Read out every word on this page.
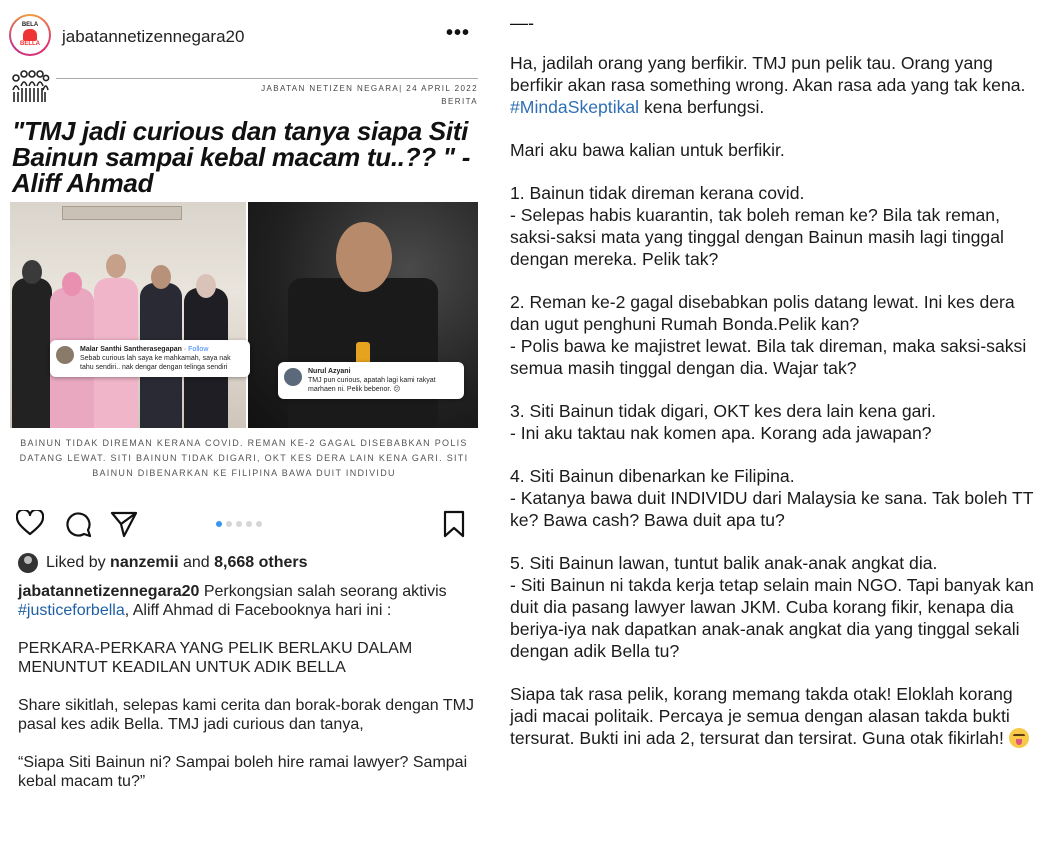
BELA
BELLA jabatannetizennegara20	•••
JABATAN NETIZEN NEGARA| 24 APRIL 2022
BERITA
"TMJ jadi curious dan tanya siapa Siti Bainun sampai kebal macam tu..?? " - Aliff Ahmad
Malar Santhi Santherasegapan · Follow
Sebab curious lah saya ke mahkamah, saya nak tahu sendiri.. nak dengar dengan telinga sendiri
Nurul Azyani
TMJ pun curious, apatah lagi kami rakyat marhaen ni. Pelik bebenor. 😕
BAINUN TIDAK DIREMAN KERANA COVID. REMAN KE-2 GAGAL DISEBABKAN POLIS DATANG LEWAT. SITI BAINUN TIDAK DIGARI, OKT KES DERA LAIN KENA GARI. SITI BAINUN DIBENARKAN KE FILIPINA BAWA DUIT INDIVIDU
Liked by
nanzemii
and
8,668 others

jabatannetizennegara20 Perkongsian salah seorang aktivis #justiceforbella, Aliff Ahmad di Facebooknya hari ini :

PERKARA-PERKARA YANG PELIK BERLAKU DALAM MENUNTUT KEADILAN UNTUK ADIK BELLA

Share sikitlah, selepas kami cerita dan borak-borak dengan TMJ pasal kes adik Bella. TMJ jadi curious dan tanya,

“Siapa Siti Bainun ni? Sampai boleh hire ramai lawyer? Sampai kebal macam tu?”

—-

Ha, jadilah orang yang berfikir. TMJ pun pelik tau. Orang yang berfikir akan rasa something wrong. Akan rasa ada yang tak kena. #MindaSkeptikal kena berfungsi.

Mari aku bawa kalian untuk berfikir.

1. Bainun tidak direman kerana covid.
- Selepas habis kuarantin, tak boleh reman ke? Bila tak reman, saksi-saksi mata yang tinggal dengan Bainun masih lagi tinggal dengan mereka. Pelik tak?

2. Reman ke-2 gagal disebabkan polis datang lewat. Ini kes dera dan ugut penghuni Rumah Bonda.Pelik kan?
- Polis bawa ke majistret lewat. Bila tak direman, maka saksi-saksi semua masih tinggal dengan dia. Wajar tak?

3. Siti Bainun tidak digari, OKT kes dera lain kena gari.
- Ini aku taktau nak komen apa. Korang ada jawapan?

4. Siti Bainun dibenarkan ke Filipina.
- Katanya bawa duit INDIVIDU dari Malaysia ke sana. Tak boleh TT ke? Bawa cash? Bawa duit apa tu?

5. Siti Bainun lawan, tuntut balik anak-anak angkat dia.
- Siti Bainun ni takda kerja tetap selain main NGO. Tapi banyak kan duit dia pasang lawyer lawan JKM. Cuba korang fikir, kenapa dia beriya-iya nak dapatkan anak-anak angkat dia yang tinggal sekali dengan adik Bella tu?

Siapa tak rasa pelik, korang memang takda otak! Eloklah korang jadi macai politaik. Percaya je semua dengan alasan takda bukti tersurat. Bukti ini ada 2, tersurat dan tersirat. Guna otak fikirlah!
